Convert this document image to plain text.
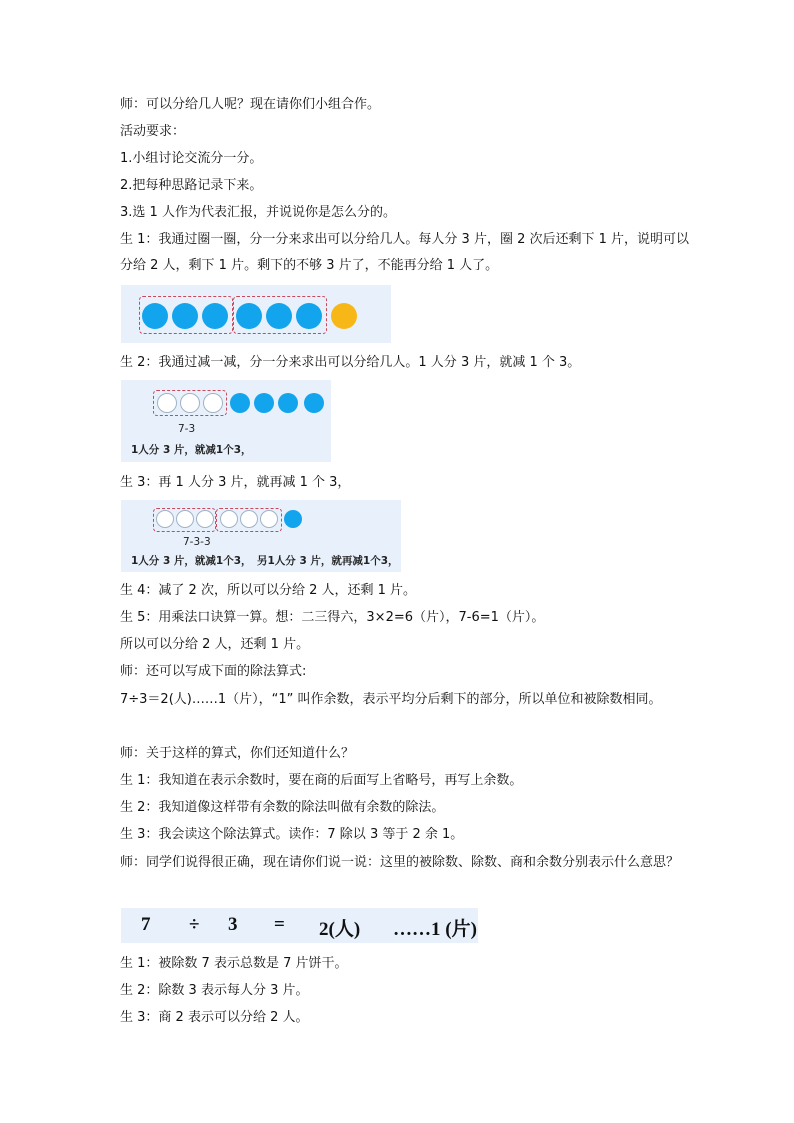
师：可以分给几人呢？现在请你们小组合作。
活动要求：
1.小组讨论交流分一分。
2.把每种思路记录下来。
3.选 1 人作为代表汇报，并说说你是怎么分的。
生 1：我通过圈一圈，分一分来求出可以分给几人。每人分 3 片，圈 2 次后还剩下 1 片，说明可以分给 2 人，剩下 1 片。剩下的不够 3 片了，不能再分给 1 人了。
生 2：我通过减一减，分一分来求出可以分给几人。1 人分 3 片，就减 1 个 3。
7-3
1人分 3 片，就减1个3，
生 3：再 1 人分 3 片，就再减 1 个 3，
7-3-3
1人分 3 片，就减1个3， 另1人分 3 片，就再减1个3，
生 4：减了 2 次，所以可以分给 2 人，还剩 1 片。
生 5：用乘法口诀算一算。想：二三得六，3×2=6（片），7-6=1（片）。
所以可以分给 2 人，还剩 1 片。
师：还可以写成下面的除法算式:
7÷3＝2(人)……1（片），“1” 叫作余数，表示平均分后剩下的部分，所以单位和被除数相同。
师：关于这样的算式，你们还知道什么？
生 1：我知道在表示余数时，要在商的后面写上省略号，再写上余数。
生 2：我知道像这样带有余数的除法叫做有余数的除法。
生 3：我会读这个除法算式。读作：7 除以 3 等于 2 余 1。
师：同学们说得很正确，现在请你们说一说：这里的被除数、除数、商和余数分别表示什么意思？
7 ÷ 3 = 2(人) ……1 (片)
生 1：被除数 7 表示总数是 7 片饼干。
生 2：除数 3 表示每人分 3 片。
生 3：商 2 表示可以分给 2 人。
